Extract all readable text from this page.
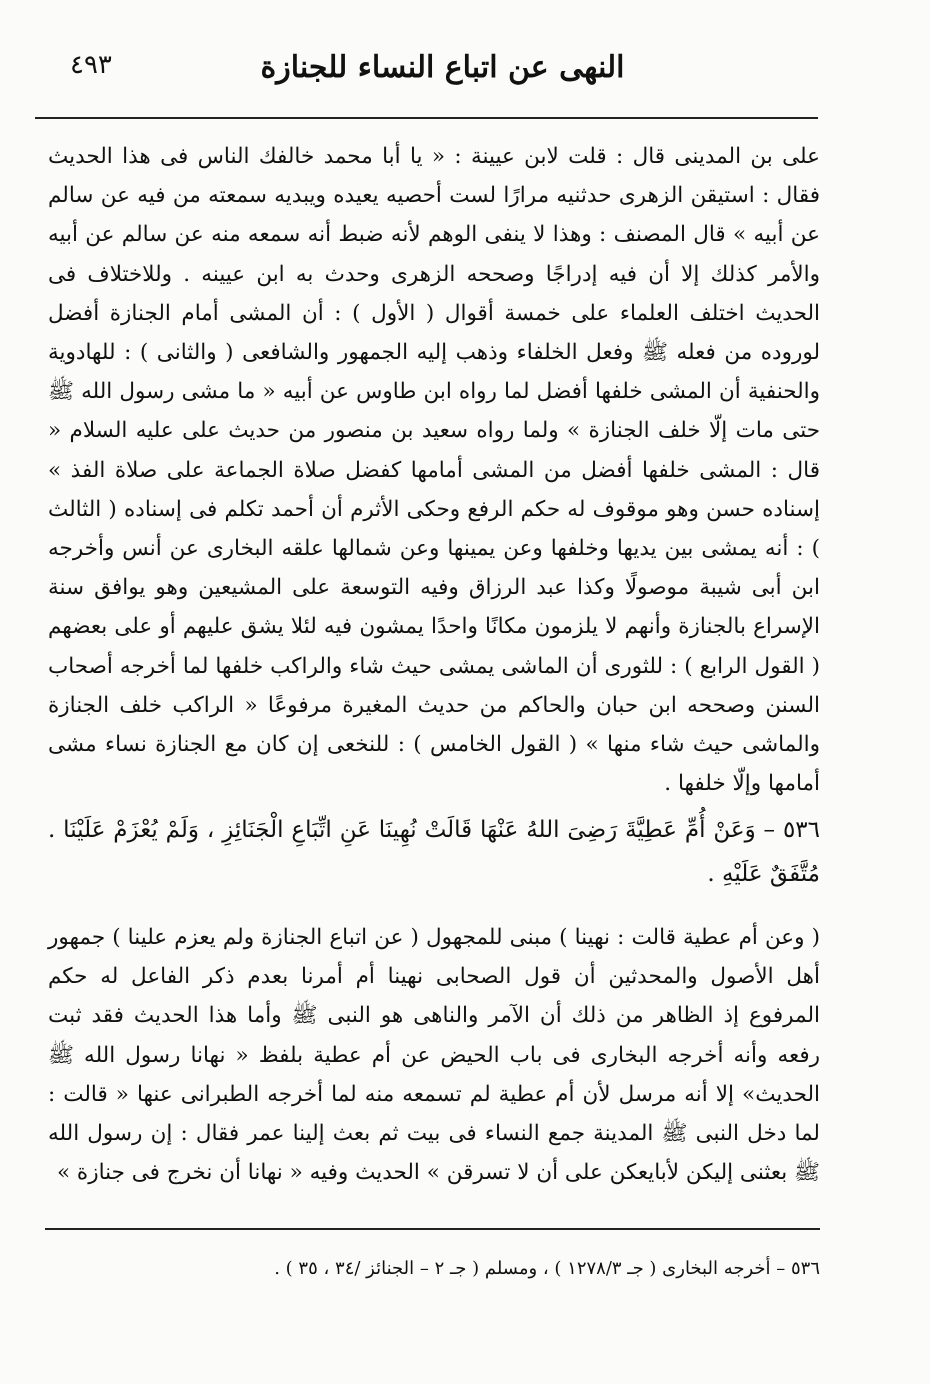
النهى عن اتباع النساء للجنازة
٤٩٣
على بن المدينى قال : قلت لابن عيينة : « يا أبا محمد خالفك الناس فى هذا الحديث فقال : استيقن الزهرى حدثنيه مرارًا لست أحصيه يعيده ويبديه سمعته من فيه عن سالم عن أبيه » قال المصنف : وهذا لا ينفى الوهم لأنه ضبط أنه سمعه منه عن سالم عن أبيه والأمر كذلك إلا أن فيه إدراجًا وصححه الزهرى وحدث به ابن عيينه . وللاختلاف فى الحديث اختلف العلماء على خمسة أقوال ( الأول ) : أن المشى أمام الجنازة أفضل لوروده من فعله ﷺ وفعل الخلفاء وذهب إليه الجمهور والشافعى ( والثانى ) : للهادوية والحنفية أن المشى خلفها أفضل لما رواه ابن طاوس عن أبيه « ما مشى رسول الله ﷺ حتى مات إلّا خلف الجنازة » ولما رواه سعيد بن منصور من حديث على عليه السلام « قال : المشى خلفها أفضل من المشى أمامها كفضل صلاة الجماعة على صلاة الفذ » إسناده حسن وهو موقوف له حكم الرفع وحكى الأثرم أن أحمد تكلم فى إسناده ( الثالث ) : أنه يمشى بين يديها وخلفها وعن يمينها وعن شمالها علقه البخارى عن أنس وأخرجه ابن أبى شيبة موصولًا وكذا عبد الرزاق وفيه التوسعة على المشيعين وهو يوافق سنة الإسراع بالجنازة وأنهم لا يلزمون مكانًا واحدًا يمشون فيه لئلا يشق عليهم أو على بعضهم ( القول الرابع ) : للثورى أن الماشى يمشى حيث شاء والراكب خلفها لما أخرجه أصحاب السنن وصححه ابن حبان والحاكم من حديث المغيرة مرفوعًا « الراكب خلف الجنازة والماشى حيث شاء منها » ( القول الخامس ) : للنخعى إن كان مع الجنازة نساء مشى أمامها وإلّا خلفها .
٥٣٦ – وَعَنْ أُمِّ عَطِيَّةَ رَضِىَ اللهُ عَنْهَا قَالَتْ نُهِينَا عَنِ اتِّبَاعِ الْجَنَائِزِ ، وَلَمْ يُعْزَمْ عَلَيْنَا . مُتَّفَقٌ عَلَيْهِ .
( وعن أم عطية قالت : نهينا ) مبنى للمجهول ( عن اتباع الجنازة ولم يعزم علينا ) جمهور أهل الأصول والمحدثين أن قول الصحابى نهينا أم أمرنا بعدم ذكر الفاعل له حكم المرفوع إذ الظاهر من ذلك أن الآمر والناهى هو النبى ﷺ وأما هذا الحديث فقد ثبت رفعه وأنه أخرجه البخارى فى باب الحيض عن أم عطية بلفظ « نهانا رسول الله ﷺ الحديث» إلا أنه مرسل لأن أم عطية لم تسمعه منه لما أخرجه الطبرانى عنها « قالت : لما دخل النبى ﷺ المدينة جمع النساء فى بيت ثم بعث إلينا عمر فقال : إن رسول الله ﷺ بعثنى إليكن لأبايعكن على أن لا تسرقن » الحديث وفيه « نهانا أن نخرج فى جنازة »
٥٣٦ – أخرجه البخارى ( جـ ١٢٧٨/٣ ) ، ومسلم ( جـ ٢ – الجنائز /٣٤ ، ٣٥ ) .
